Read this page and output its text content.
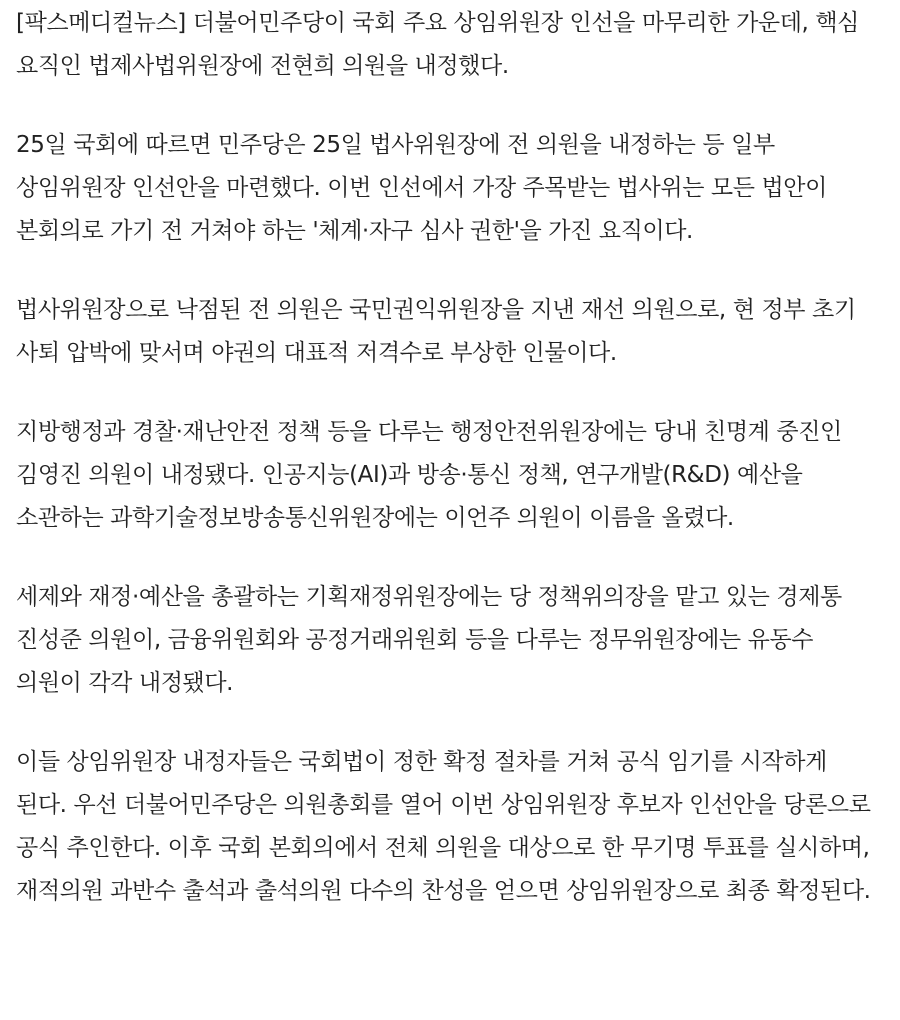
[팍스메디컬뉴스] 더불어민주당이 국회 주요 상임위원장 인선을 마무리한 가운데, 핵심 요직인 법제사법위원장에 전현희 의원을 내정했다.

25일 국회에 따르면 민주당은 25일 법사위원장에 전 의원을 내정하는 등 일부 상임위원장 인선안을 마련했다. 이번 인선에서 가장 주목받는 법사위는 모든 법안이 본회의로 가기 전 거쳐야 하는 '체계·자구 심사 권한'을 가진 요직이다.

법사위원장으로 낙점된 전 의원은 국민권익위원장을 지낸 재선 의원으로, 현 정부 초기 사퇴 압박에 맞서며 야권의 대표적 저격수로 부상한 인물이다.

지방행정과 경찰·재난안전 정책 등을 다루는 행정안전위원장에는 당내 친명계 중진인 김영진 의원이 내정됐다. 인공지능(AI)과 방송·통신 정책, 연구개발(R&D) 예산을 소관하는 과학기술정보방송통신위원장에는 이언주 의원이 이름을 올렸다.

세제와 재정·예산을 총괄하는 기획재정위원장에는 당 정책위의장을 맡고 있는 경제통 진성준 의원이, 금융위원회와 공정거래위원회 등을 다루는 정무위원장에는 유동수 의원이 각각 내정됐다.

이들 상임위원장 내정자들은 국회법이 정한 확정 절차를 거쳐 공식 임기를 시작하게 된다. 우선 더불어민주당은 의원총회를 열어 이번 상임위원장 후보자 인선안을 당론으로 공식 추인한다. 이후 국회 본회의에서 전체 의원을 대상으로 한 무기명 투표를 실시하며, 재적의원 과반수 출석과 출석의원 다수의 찬성을 얻으면 상임위원장으로 최종 확정된다.
